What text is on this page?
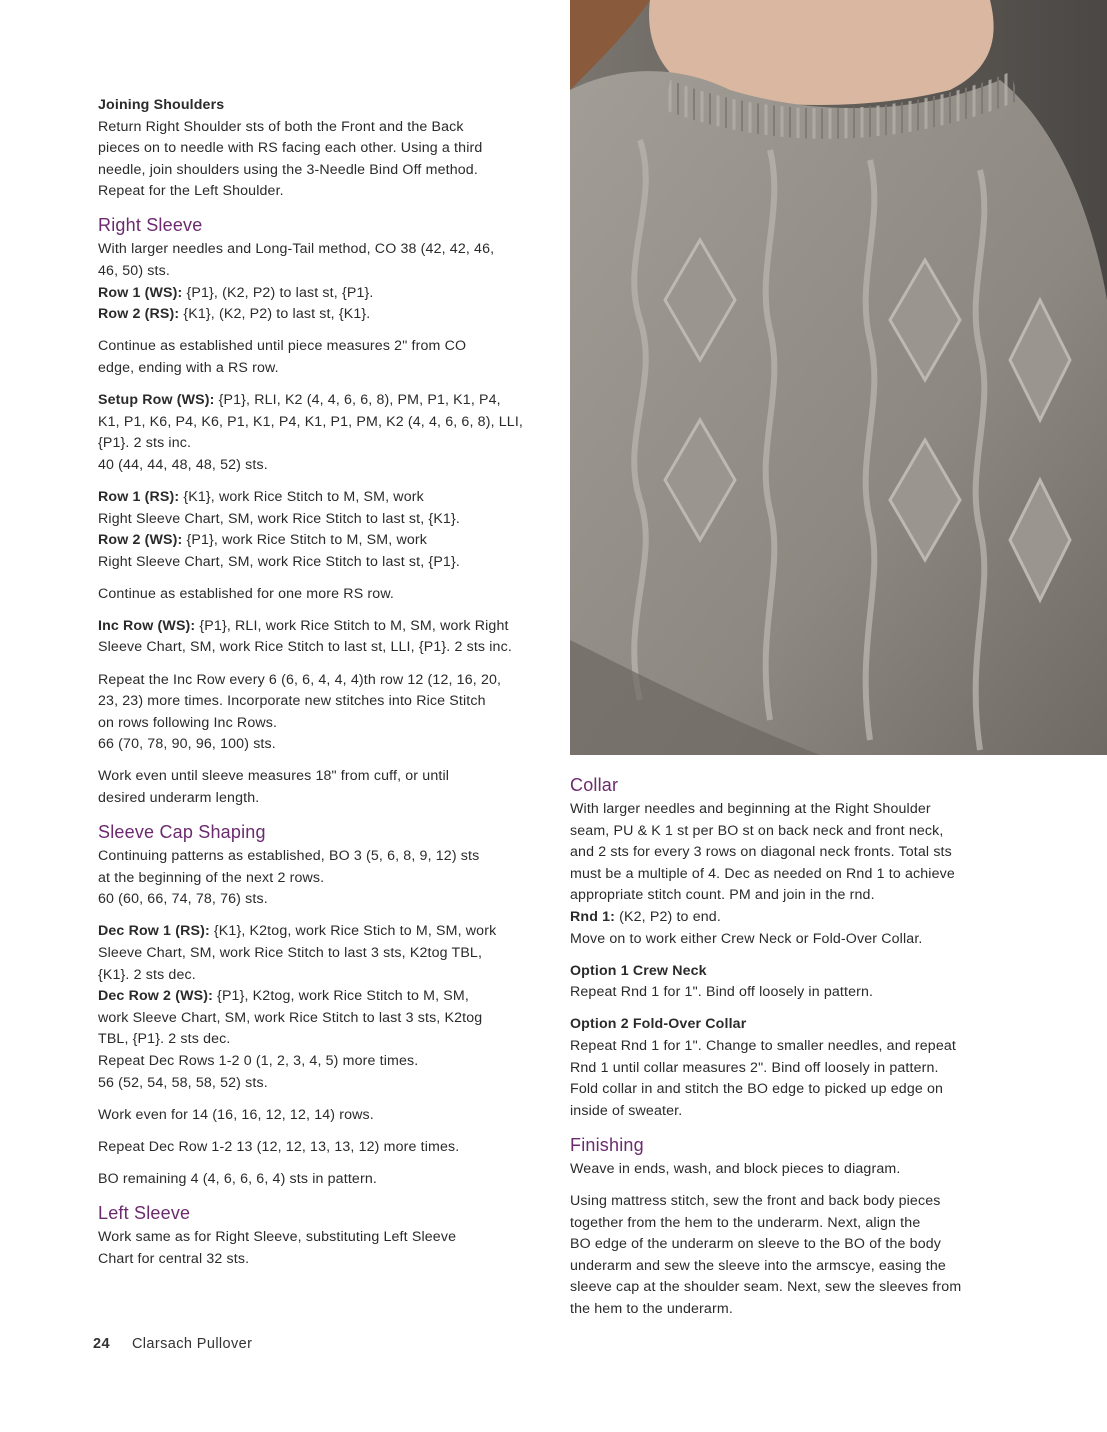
Joining Shoulders

Return Right Shoulder sts of both the Front and the Back

pieces on to needle with RS facing each other. Using a third

needle, join shoulders using the 3-Needle Bind Off method.

Repeat for the Left Shoulder.

Right Sleeve

With larger needles and Long-Tail method, CO 38 (42, 42, 46,

46, 50) sts.

Row 1 (WS): {P1}, (K2, P2) to last st, {P1}.

Row 2 (RS): {K1}, (K2, P2) to last st, {K1}.

Continue as established until piece measures 2" from CO

edge, ending with a RS row.

Setup Row (WS): {P1}, RLI, K2 (4, 4, 6, 6, 8), PM, P1, K1, P4,

K1, P1, K6, P4, K6, P1, K1, P4, K1, P1, PM, K2 (4, 4, 6, 6, 8), LLI,

{P1}. 2 sts inc.

40 (44, 44, 48, 48, 52) sts.

Row 1 (RS): {K1}, work Rice Stitch to M, SM, work

Right Sleeve Chart, SM, work Rice Stitch to last st, {K1}.

Row 2 (WS): {P1}, work Rice Stitch to M, SM, work

Right Sleeve Chart, SM, work Rice Stitch to last st, {P1}.

Continue as established for one more RS row.

Inc Row (WS): {P1}, RLI, work Rice Stitch to M, SM, work Right

Sleeve Chart, SM, work Rice Stitch to last st, LLI, {P1}. 2 sts inc.

Repeat the Inc Row every 6 (6, 6, 4, 4, 4)th row 12 (12, 16, 20,

23, 23) more times. Incorporate new stitches into Rice Stitch

on rows following Inc Rows.

66 (70, 78, 90, 96, 100) sts.

Work even until sleeve measures 18" from cuff, or until

desired underarm length.

Sleeve Cap Shaping

Continuing patterns as established, BO 3 (5, 6, 8, 9, 12) sts

at the beginning of the next 2 rows.

60 (60, 66, 74, 78, 76) sts.

Dec Row 1 (RS): {K1}, K2tog, work Rice Stich to M, SM, work

Sleeve Chart, SM, work Rice Stitch to last 3 sts, K2tog TBL,

{K1}. 2 sts dec.

Dec Row 2 (WS): {P1}, K2tog, work Rice Stitch to M, SM,

work Sleeve Chart, SM, work Rice Stitch to last 3 sts, K2tog

TBL, {P1}. 2 sts dec.

Repeat Dec Rows 1-2 0 (1, 2, 3, 4, 5) more times.

56 (52, 54, 58, 58, 52) sts.

Work even for 14 (16, 16, 12, 12, 14) rows.

Repeat Dec Row 1-2 13 (12, 12, 13, 13, 12) more times.

BO remaining 4 (4, 6, 6, 6, 4) sts in pattern.

Left Sleeve

Work same as for Right Sleeve, substituting Left Sleeve

Chart for central 32 sts.

Collar

With larger needles and beginning at the Right Shoulder

seam, PU & K 1 st per BO st on back neck and front neck,

and 2 sts for every 3 rows on diagonal neck fronts. Total sts

must be a multiple of 4. Dec as needed on Rnd 1 to achieve

appropriate stitch count. PM and join in the rnd.

Rnd 1: (K2, P2) to end.

Move on to work either Crew Neck or Fold-Over Collar.

Option 1 Crew Neck

Repeat Rnd 1 for 1". Bind off loosely in pattern.

Option 2 Fold-Over Collar

Repeat Rnd 1 for 1". Change to smaller needles, and repeat

Rnd 1 until collar measures 2". Bind off loosely in pattern.

Fold collar in and stitch the BO edge to picked up edge on

inside of sweater.

Finishing

Weave in ends, wash, and block pieces to diagram.

Using mattress stitch, sew the front and back body pieces

together from the hem to the underarm. Next, align the

BO edge of the underarm on sleeve to the BO of the body

underarm and sew the sleeve into the armscye, easing the

sleeve cap at the shoulder seam. Next, sew the sleeves from

the hem to the underarm.

24 Clarsach Pullover
